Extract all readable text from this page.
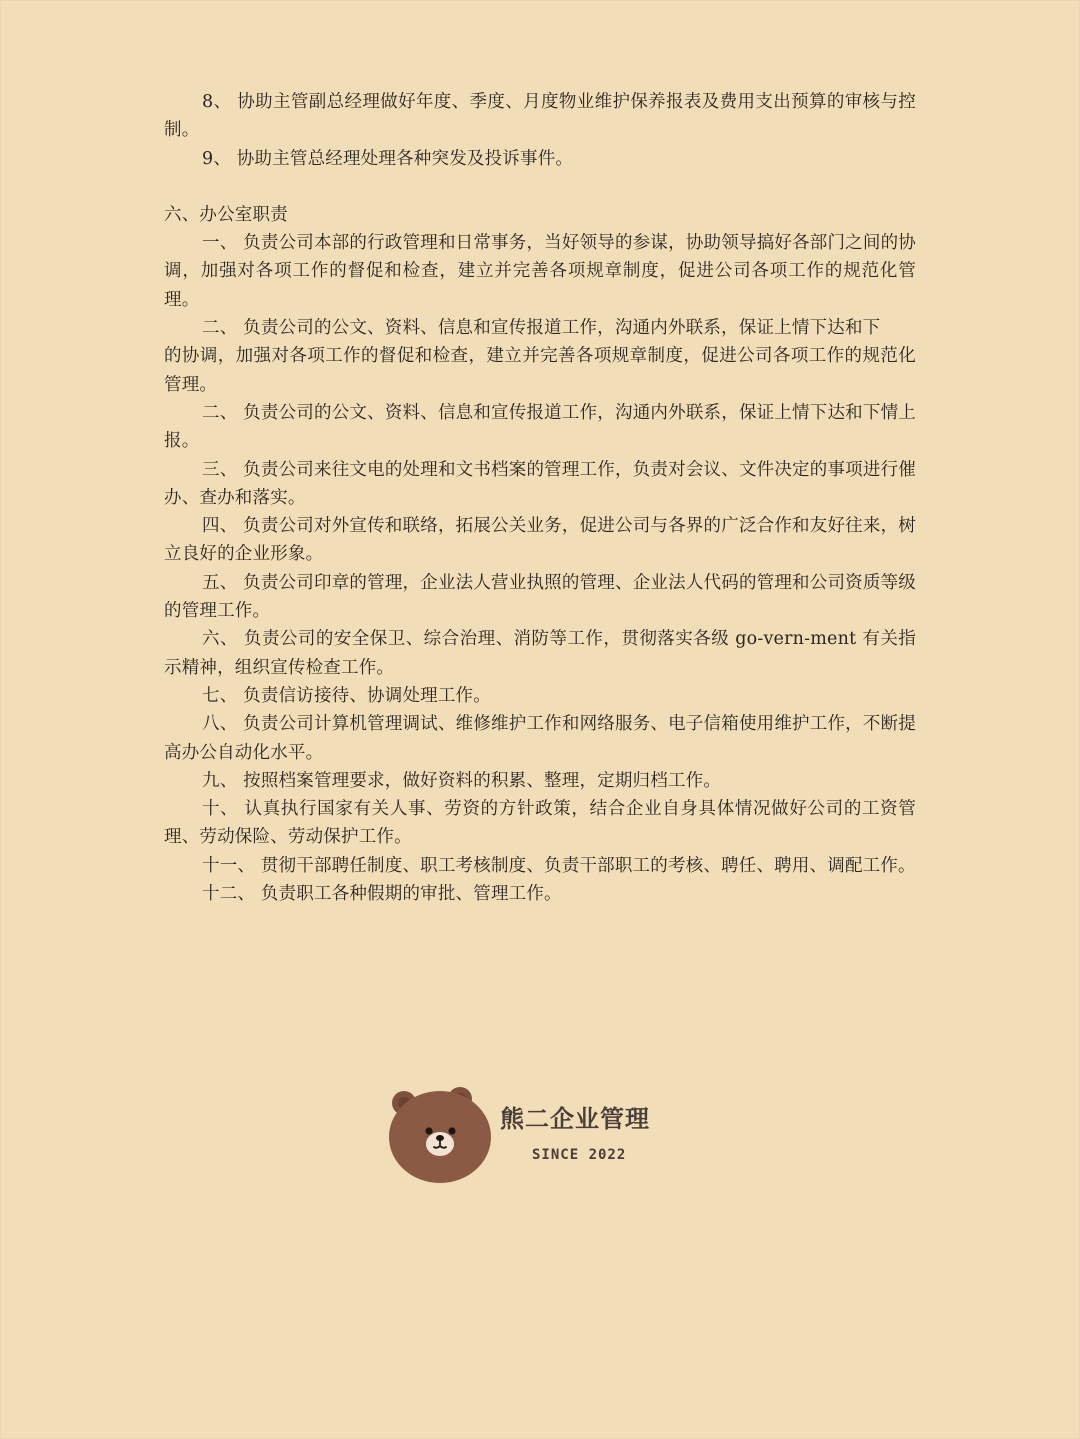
8、 协助主管副总经理做好年度、季度、月度物业维护保养报表及费用支出预算的审核与控制。

9、 协助主管总经理处理各种突发及投诉事件。

六、办公室职责

一、 负责公司本部的行政管理和日常事务，当好领导的参谋，协助领导搞好各部门之间的协调，加强对各项工作的督促和检查，建立并完善各项规章制度，促进公司各项工作的规范化管理。

二、 负责公司的公文、资料、信息和宣传报道工作，沟通内外联系，保证上情下达和下

的协调，加强对各项工作的督促和检查，建立并完善各项规章制度，促进公司各项工作的规范化管理。

二、 负责公司的公文、资料、信息和宣传报道工作，沟通内外联系，保证上情下达和下情上报。

三、 负责公司来往文电的处理和文书档案的管理工作，负责对会议、文件决定的事项进行催办、查办和落实。

四、 负责公司对外宣传和联络，拓展公关业务，促进公司与各界的广泛合作和友好往来，树立良好的企业形象。

五、 负责公司印章的管理，企业法人营业执照的管理、企业法人代码的管理和公司资质等级的管理工作。

六、 负责公司的安全保卫、综合治理、消防等工作，贯彻落实各级 go-vern-ment 有关指示精神，组织宣传检查工作。

七、 负责信访接待、协调处理工作。

八、 负责公司计算机管理调试、维修维护工作和网络服务、电子信箱使用维护工作，不断提高办公自动化水平。

九、 按照档案管理要求，做好资料的积累、整理，定期归档工作。

十、 认真执行国家有关人事、劳资的方针政策，结合企业自身具体情况做好公司的工资管理、劳动保险、劳动保护工作。

十一、 贯彻干部聘任制度、职工考核制度、负责干部职工的考核、聘任、聘用、调配工作。

十二、 负责职工各种假期的审批、管理工作。

熊二企业管理
SINCE 2022
